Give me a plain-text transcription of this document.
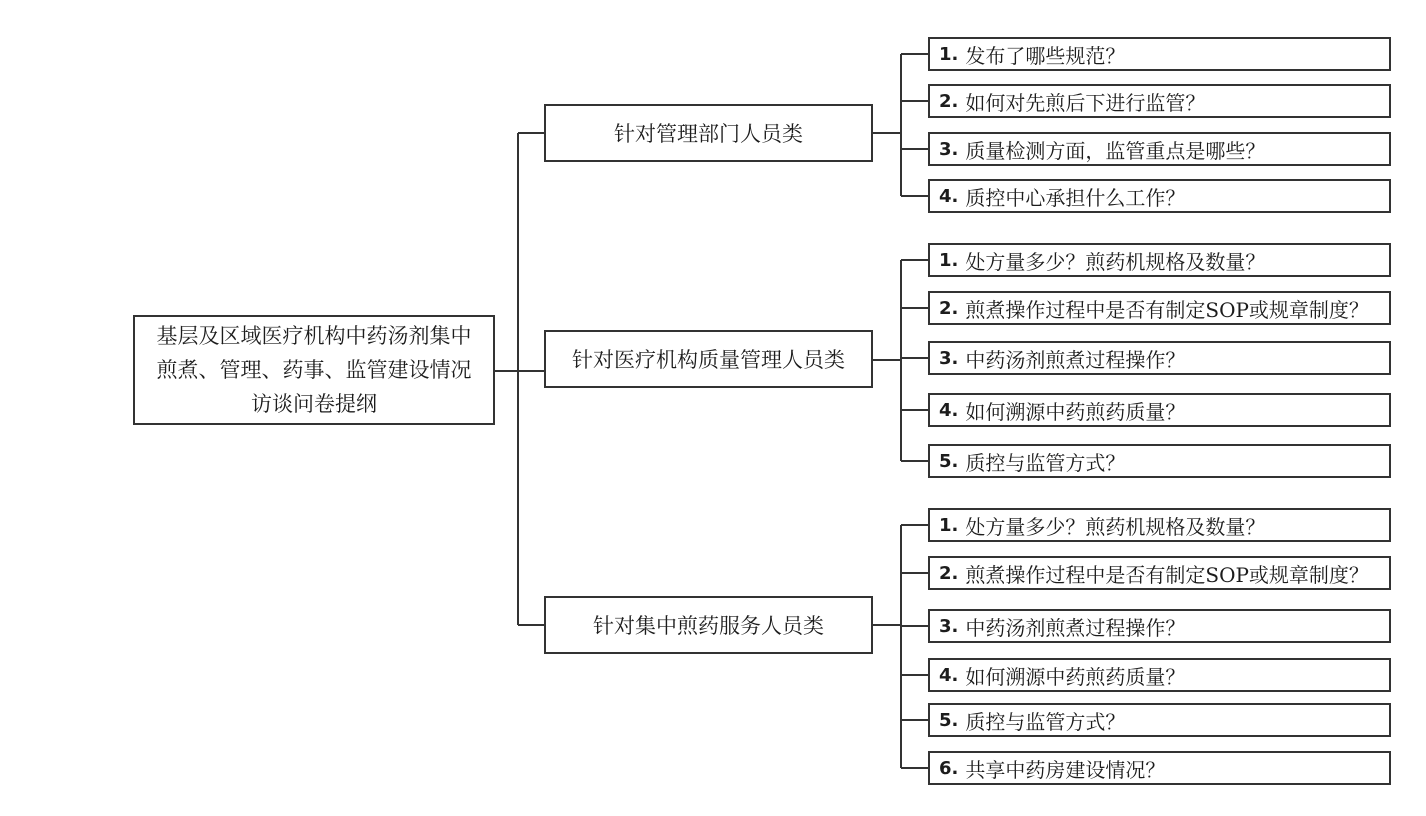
基层及区域医疗机构中药汤剂集中
煎煮、管理、药事、监管建设情况
访谈问卷提纲
针对管理部门人员类
针对医疗机构质量管理人员类
针对集中煎药服务人员类
1. 发布了哪些规范？
2. 如何对先煎后下进行监管？
3. 质量检测方面，监管重点是哪些？
4. 质控中心承担什么工作？
1. 处方量多少？煎药机规格及数量？
2. 煎煮操作过程中是否有制定SOP或规章制度？
3. 中药汤剂煎煮过程操作？
4. 如何溯源中药煎药质量？
5. 质控与监管方式？
1. 处方量多少？煎药机规格及数量？
2. 煎煮操作过程中是否有制定SOP或规章制度？
3. 中药汤剂煎煮过程操作？
4. 如何溯源中药煎药质量？
5. 质控与监管方式？
6. 共享中药房建设情况？
